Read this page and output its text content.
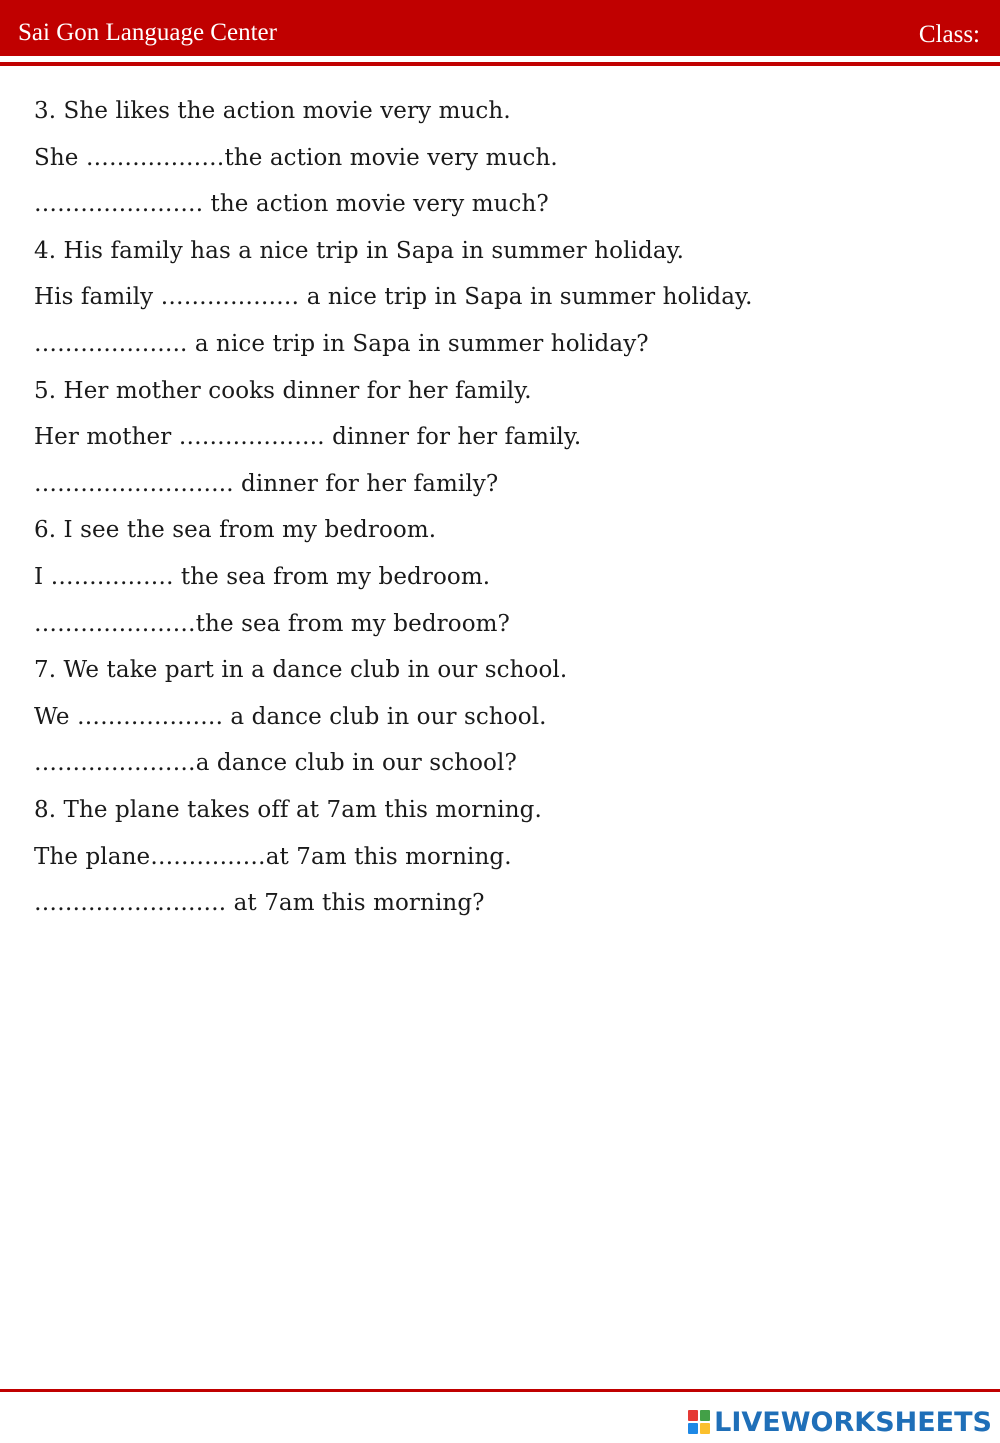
Sai Gon Language Center	Class:
3. She likes the action movie very much.
She ………………the action movie very much.
…………………. the action movie very much?
4. His family has a nice trip in Sapa in summer holiday.
His family ……………… a nice trip in Sapa in summer holiday.
……………….. a nice trip in Sapa in summer holiday?
5. Her mother cooks dinner for her family.
Her mother ………………. dinner for her family.
…………………….. dinner for her family?
6. I see the sea from my bedroom.
I ……………. the sea from my bedroom.
…………………the sea from my bedroom?
7. We take part in a dance club in our school.
We ………………. a dance club in our school.
…………………a dance club in our school?
8. The plane takes off at 7am this morning.
The plane……………at 7am this morning.
……………………. at 7am this morning?
LIVEWORKSHEETS
